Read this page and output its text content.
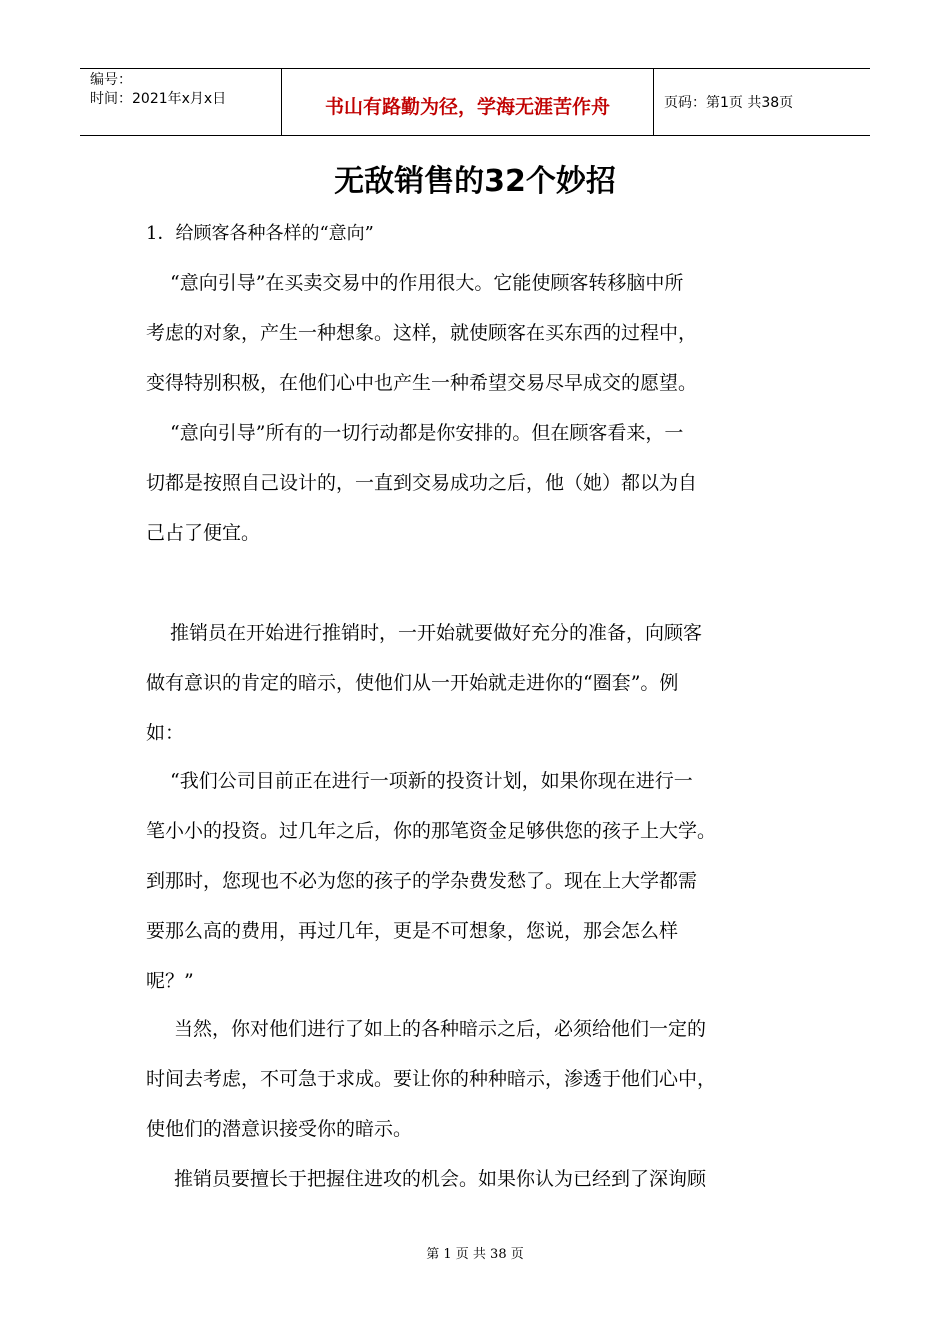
编号：
时间：2021年x月x日	书山有路勤为径，学海无涯苦作舟	页码：第1页 共38页
无敌销售的32个妙招
1．给顾客各种各样的“意向”
“意向引导”在买卖交易中的作用很大。它能使顾客转移脑中所
考虑的对象，产生一种想象。这样，就使顾客在买东西的过程中，
变得特别积极，在他们心中也产生一种希望交易尽早成交的愿望。
“意向引导”所有的一切行动都是你安排的。但在顾客看来，一
切都是按照自己设计的，一直到交易成功之后，他（她）都以为自
己占了便宜。
推销员在开始进行推销时，一开始就要做好充分的准备，向顾客
做有意识的肯定的暗示，使他们从一开始就走进你的“圈套”。例
如：
“我们公司目前正在进行一项新的投资计划，如果你现在进行一
笔小小的投资。过几年之后，你的那笔资金足够供您的孩子上大学。
到那时，您现也不必为您的孩子的学杂费发愁了。现在上大学都需
要那么高的费用，再过几年，更是不可想象，您说，那会怎么样
呢？”
当然，你对他们进行了如上的各种暗示之后，必须给他们一定的
时间去考虑，不可急于求成。要让你的种种暗示，渗透于他们心中，
使他们的潜意识接受你的暗示。
推销员要擅长于把握住进攻的机会。如果你认为已经到了深询顾
第 1 页 共 38 页
